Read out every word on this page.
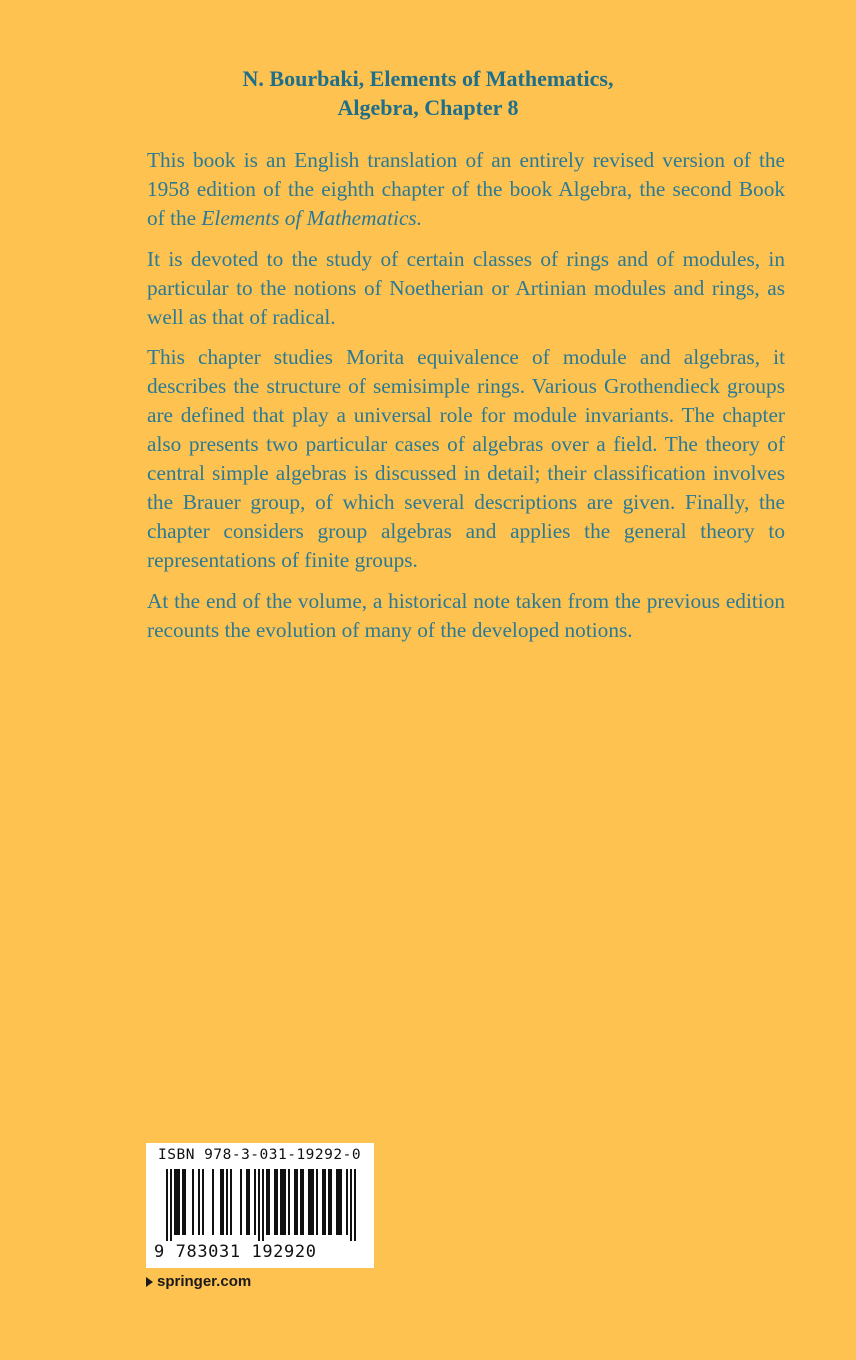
N. Bourbaki, Elements of Mathematics,
Algebra, Chapter 8

This book is an English translation of an entirely revised version of the 1958 edition of the eighth chapter of the book Algebra, the second Book of the Elements of Mathematics.

It is devoted to the study of certain classes of rings and of modules, in particular to the notions of Noetherian or Artinian modules and rings, as well as that of radical.

This chapter studies Morita equivalence of module and algebras, it describes the structure of semisimple rings. Various Grothendieck groups are defined that play a universal role for module invariants. The chapter also presents two particular cases of algebras over a field. The theory of central simple algebras is discussed in detail; their classification involves the Brauer group, of which several descriptions are given. Finally, the chapter considers group algebras and applies the general theory to representations of finite groups.

At the end of the volume, a historical note taken from the previous edition recounts the evolution of many of the developed notions.

ISBN 978-3-031-19292-0
9 783031 192920
springer.com
